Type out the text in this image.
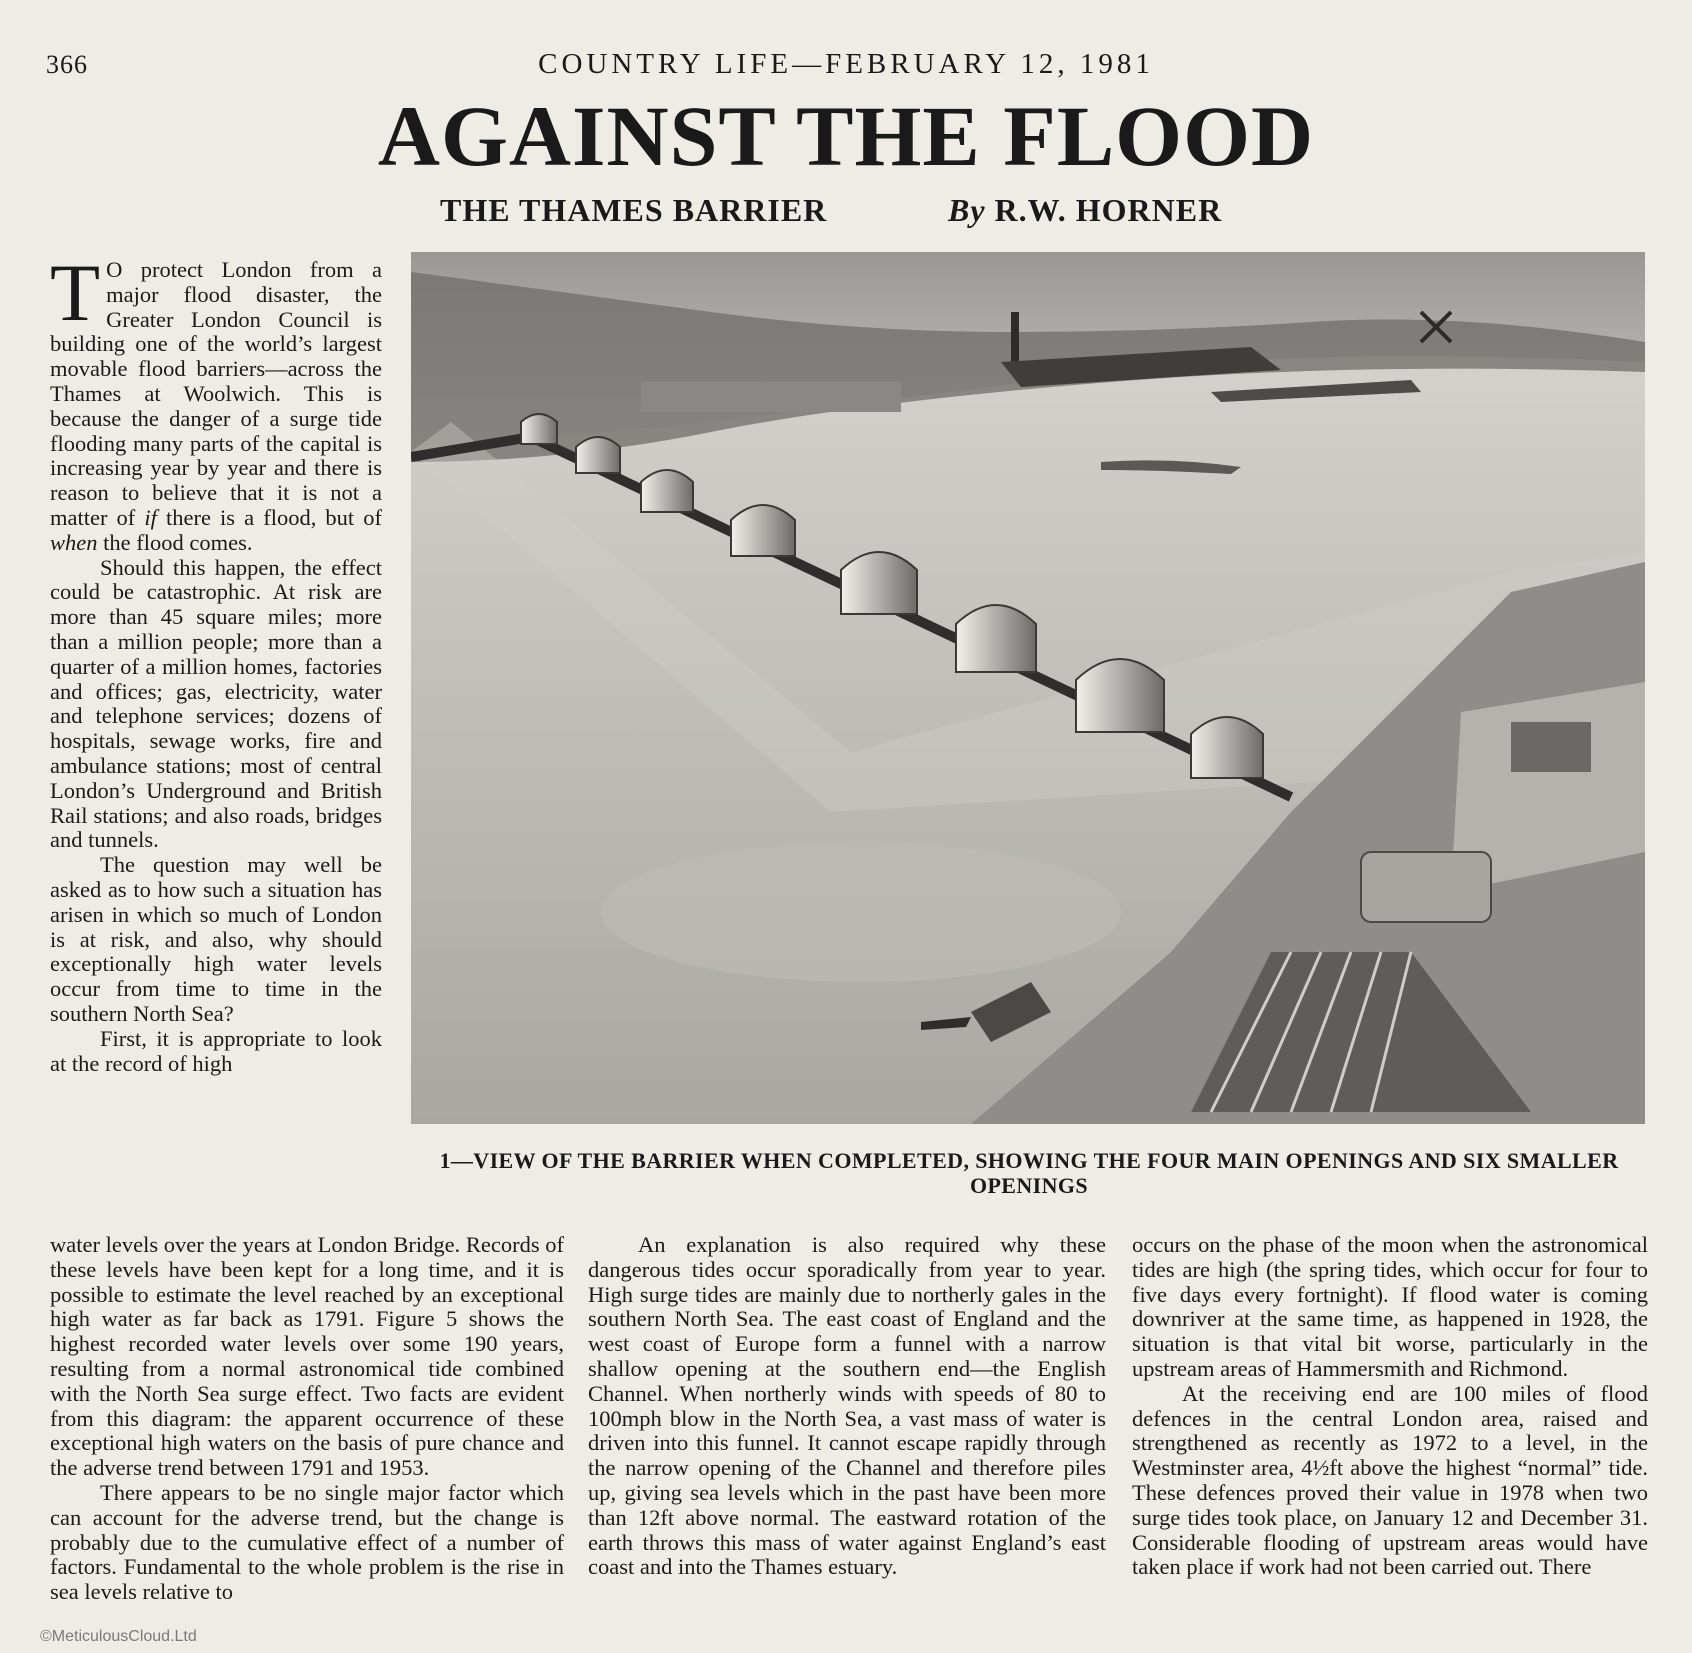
366	COUNTRY LIFE—FEBRUARY 12, 1981
AGAINST THE FLOOD
THE THAMES BARRIER	By R.W. HORNER

T O protect London from a major flood disaster, the Greater London Council is building one of the world’s largest movable flood barriers—across the Thames at Woolwich. This is because the danger of a surge tide flooding many parts of the capital is increasing year by year and there is reason to believe that it is not a matter of if there is a flood, but of when the flood comes.

Should this happen, the effect could be catastrophic. At risk are more than 45 square miles; more than a million people; more than a quarter of a million homes, factories and offices; gas, electricity, water and telephone services; dozens of hospitals, sewage works, fire and ambulance stations; most of central London’s Underground and British Rail stations; and also roads, bridges and tunnels.

The question may well be asked as to how such a situation has arisen in which so much of London is at risk, and also, why should exceptionally high water levels occur from time to time in the southern North Sea?

First, it is appropriate to look at the record of high

1—VIEW OF THE BARRIER WHEN COMPLETED, SHOWING THE FOUR MAIN OPENINGS AND SIX SMALLER OPENINGS

water levels over the years at London Bridge. Records of these levels have been kept for a long time, and it is possible to estimate the level reached by an exceptional high water as far back as 1791. Figure 5 shows the highest recorded water levels over some 190 years, resulting from a normal astronomical tide combined with the North Sea surge effect. Two facts are evident from this diagram: the apparent occurrence of these exceptional high waters on the basis of pure chance and the adverse trend between 1791 and 1953.

There appears to be no single major factor which can account for the adverse trend, but the change is probably due to the cumulative effect of a number of factors. Fundamental to the whole problem is the rise in sea levels relative to

An explanation is also required why these dangerous tides occur sporadically from year to year. High surge tides are mainly due to northerly gales in the southern North Sea. The east coast of England and the west coast of Europe form a funnel with a narrow shallow opening at the southern end—the English Channel. When northerly winds with speeds of 80 to 100mph blow in the North Sea, a vast mass of water is driven into this funnel. It cannot escape rapidly through the narrow opening of the Channel and therefore piles up, giving sea levels which in the past have been more than 12ft above normal. The eastward rotation of the earth throws this mass of water against England’s east coast and into the Thames estuary.

occurs on the phase of the moon when the astronomical tides are high (the spring tides, which occur for four to five days every fortnight). If flood water is coming downriver at the same time, as happened in 1928, the situation is that vital bit worse, particularly in the upstream areas of Hammersmith and Richmond.

At the receiving end are 100 miles of flood defences in the central London area, raised and strengthened as recently as 1972 to a level, in the Westminster area, 4½ft above the highest “normal” tide. These defences proved their value in 1978 when two surge tides took place, on January 12 and December 31. Considerable flooding of upstream areas would have taken place if work had not been carried out. There

©MeticulousCloud.Ltd
